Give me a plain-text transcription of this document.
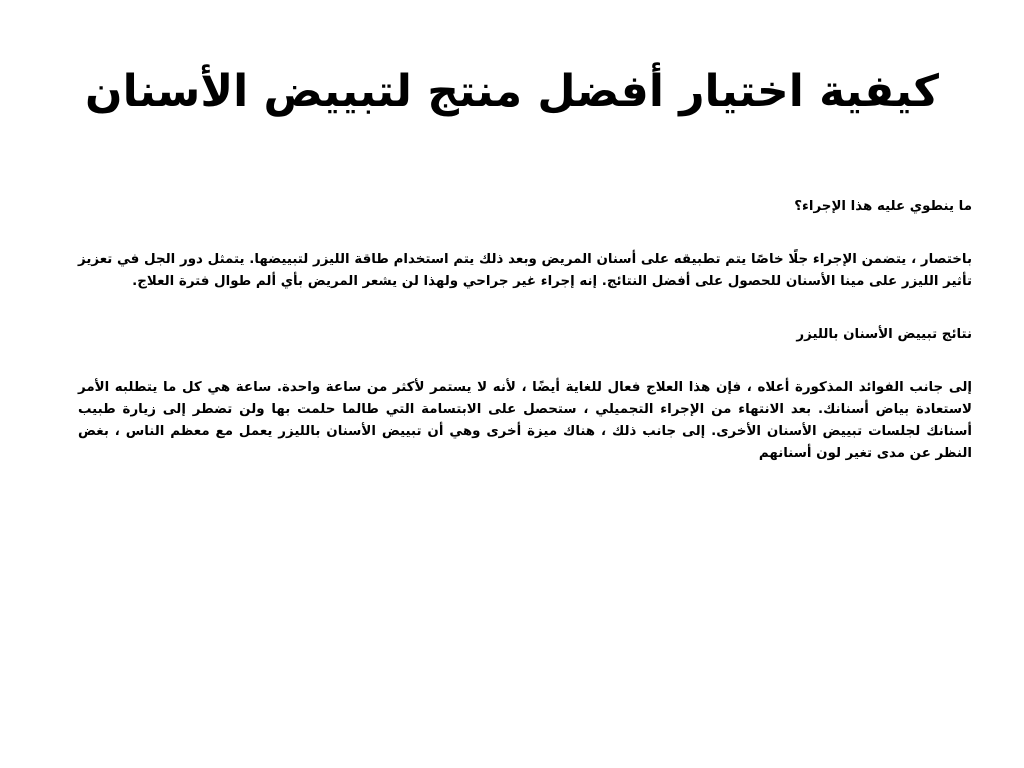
كيفية اختيار أفضل منتج لتبييض الأسنان

ما ينطوي عليه هذا الإجراء؟

باختصار ، يتضمن الإجراء جلًا خاصًا يتم تطبيقه على أسنان المريض وبعد ذلك يتم استخدام طاقة الليزر لتبييضها. يتمثل دور الجل في تعزيز تأثير الليزر على مينا الأسنان للحصول على أفضل النتائج. إنه إجراء غير جراحي ولهذا لن يشعر المريض بأي ألم طوال فترة العلاج.

نتائج تبييض الأسنان بالليزر

إلى جانب الفوائد المذكورة أعلاه ، فإن هذا العلاج فعال للغاية أيضًا ، لأنه لا يستمر لأكثر من ساعة واحدة. ساعة هي كل ما يتطلبه الأمر لاستعادة بياض أسنانك. بعد الانتهاء من الإجراء التجميلي ، ستحصل على الابتسامة التي طالما حلمت بها ولن تضطر إلى زيارة طبيب أسنانك لجلسات تبييض الأسنان الأخرى. إلى جانب ذلك ، هناك ميزة أخرى وهي أن تبييض الأسنان بالليزر يعمل مع معظم الناس ، بغض النظر عن مدى تغير لون أسنانهم
